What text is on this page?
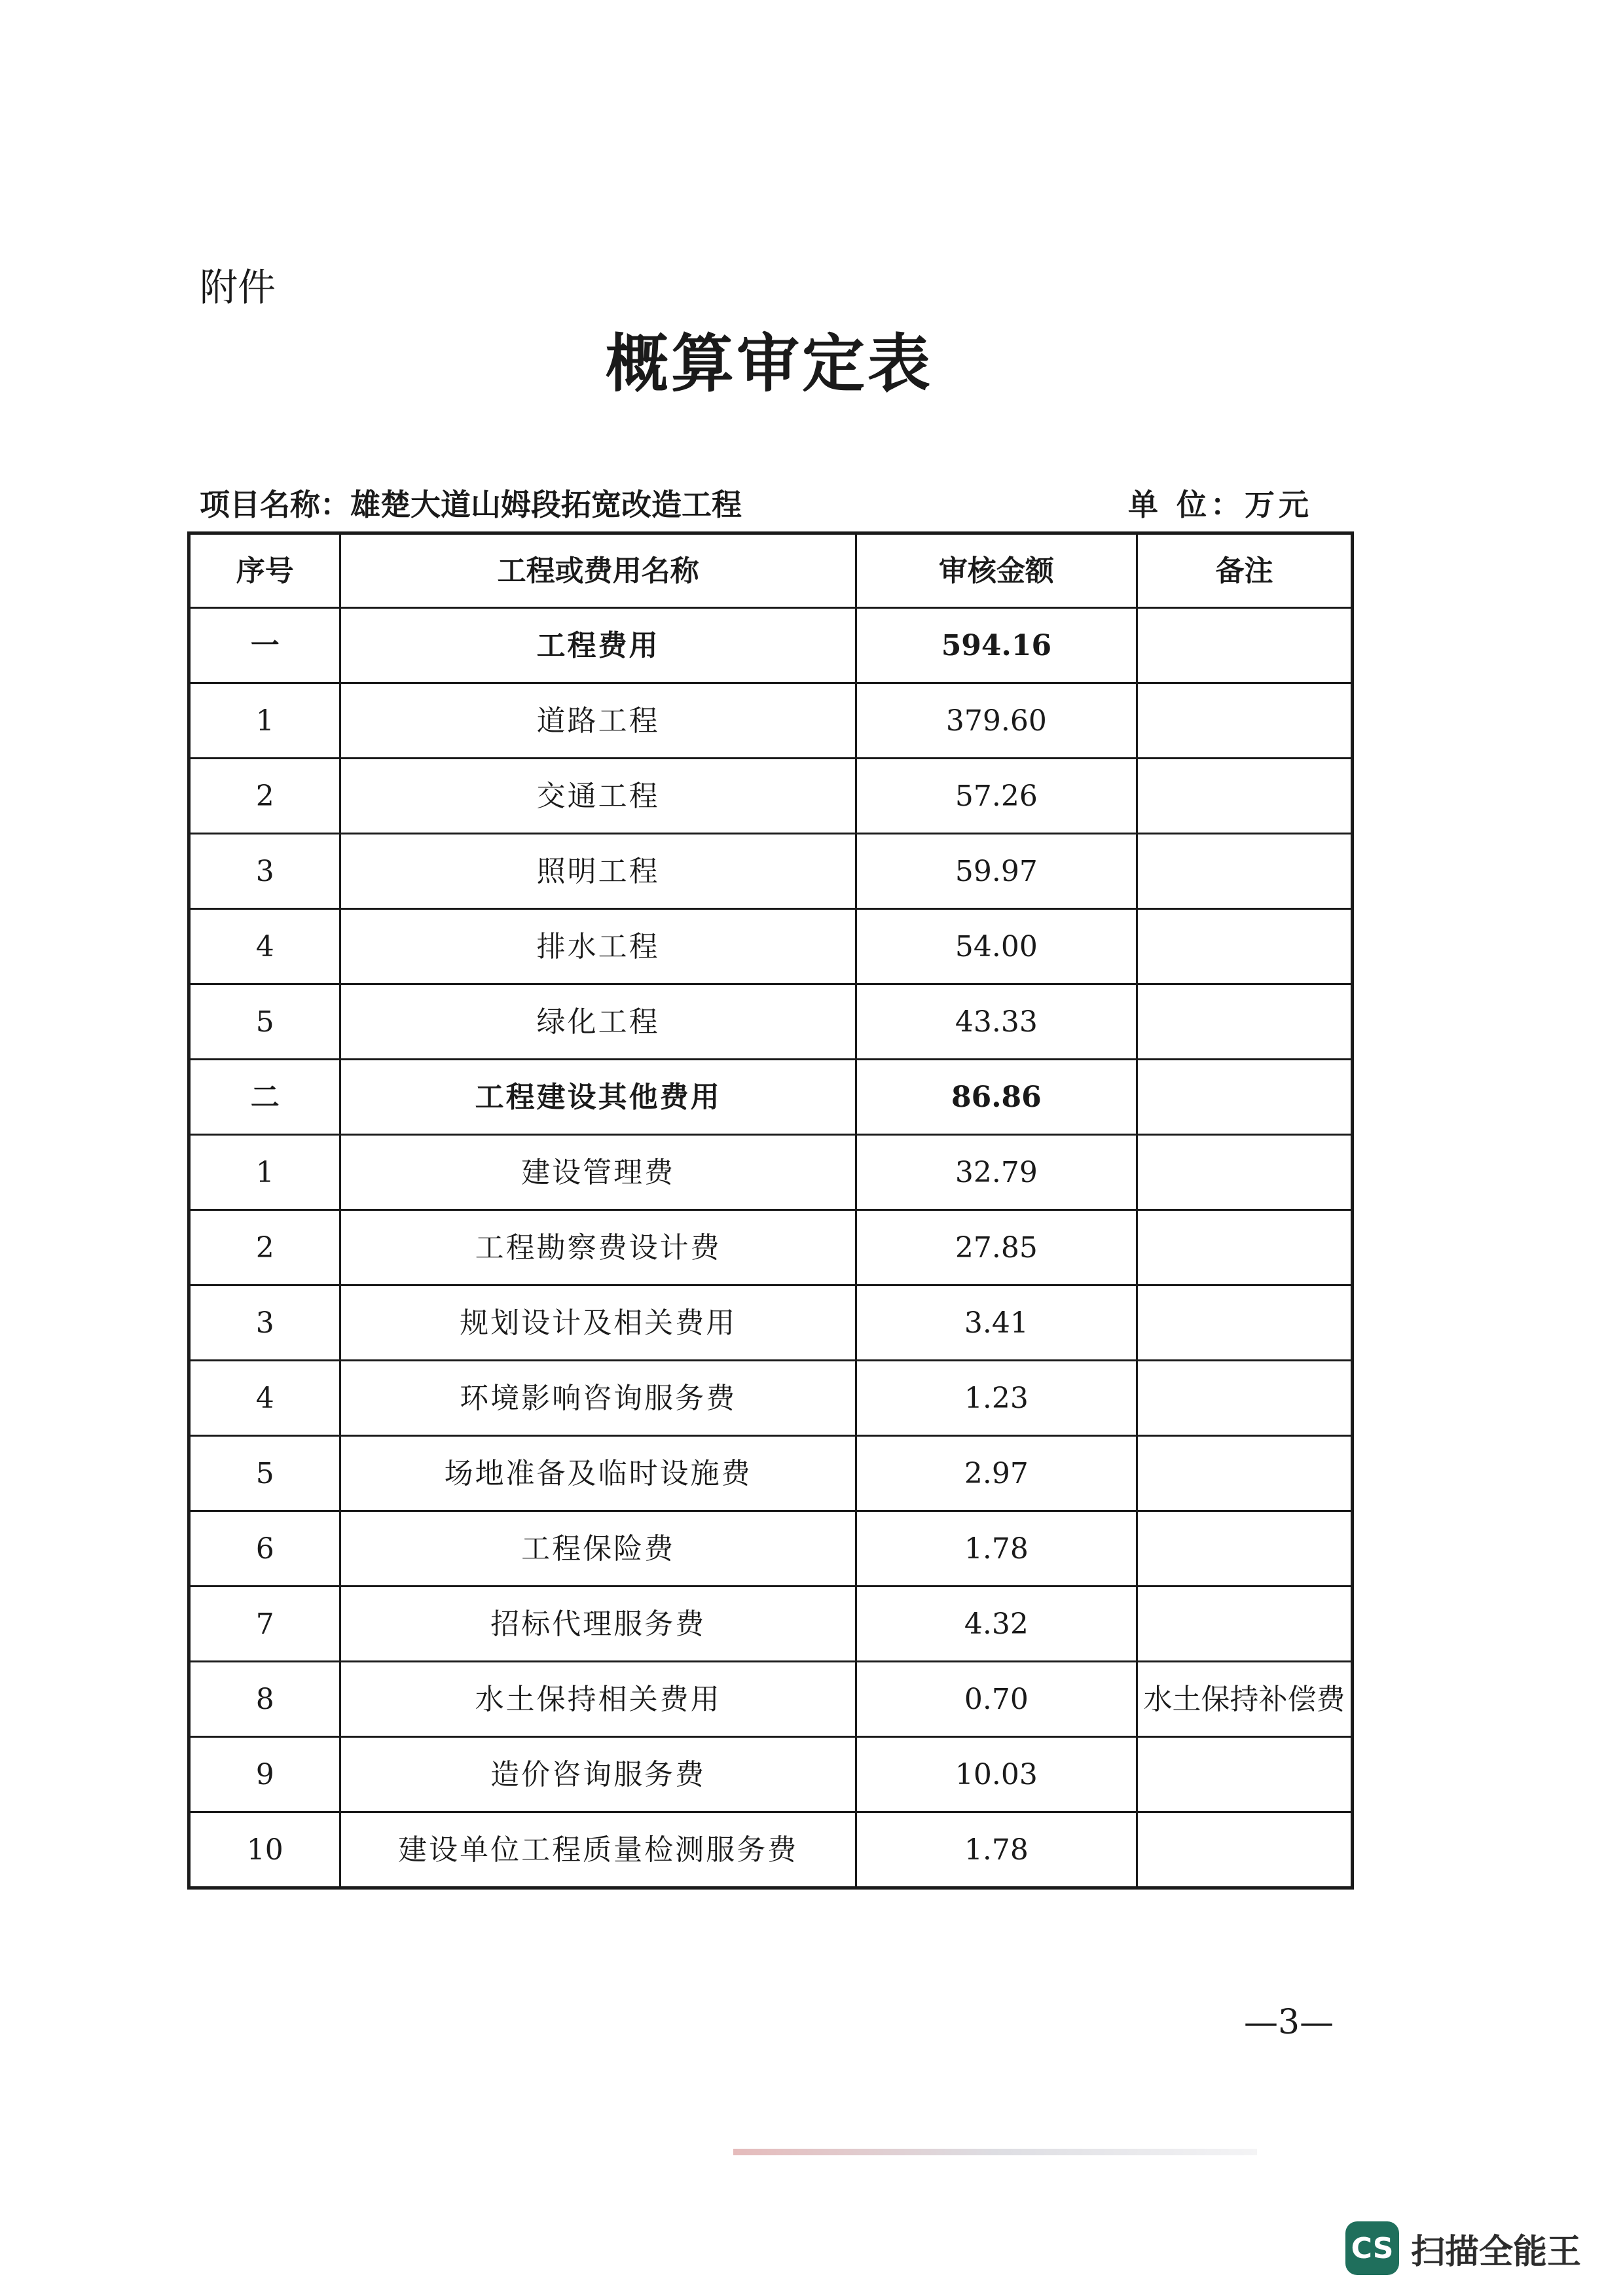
附件
概算审定表
项目名称：雄楚大道山姆段拓宽改造工程	单 位：万元
序号	工程或费用名称	审核金额	备注
一	工程费用	594.16	
1	道路工程	379.60	
2	交通工程	57.26	
3	照明工程	59.97	
4	排水工程	54.00	
5	绿化工程	43.33	
二	工程建设其他费用	86.86	
1	建设管理费	32.79	
2	工程勘察费设计费	27.85	
3	规划设计及相关费用	3.41	
4	环境影响咨询服务费	1.23	
5	场地准备及临时设施费	2.97	
6	工程保险费	1.78	
7	招标代理服务费	4.32	
8	水土保持相关费用	0.70	水土保持补偿费
9	造价咨询服务费	10.03	
10	建设单位工程质量检测服务费	1.78	
—3—
CS 扫描全能王
